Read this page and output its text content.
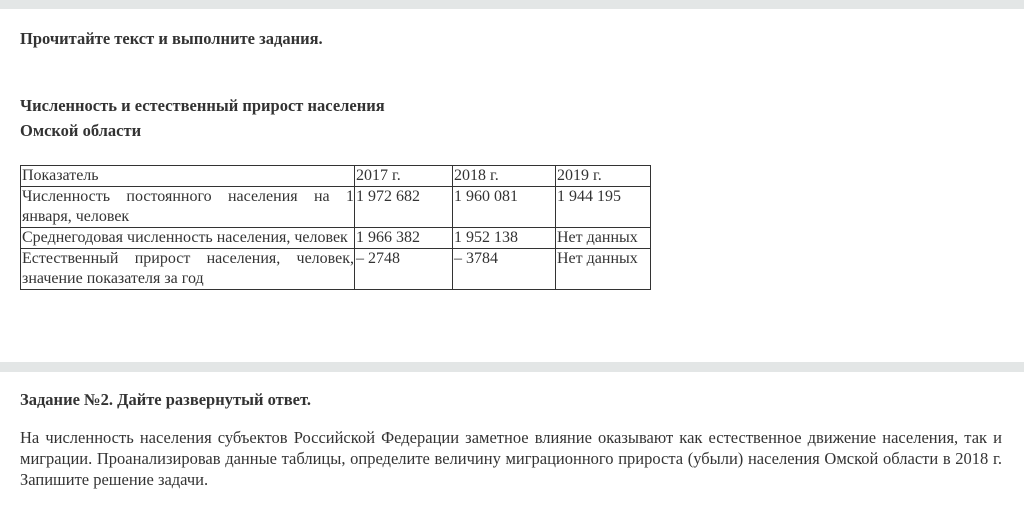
Прочитайте текст и выполните задания.
Численность и естественный прирост населения
Омской области
Показатель	2017 г.	2018 г.	2019 г.
Численность постоянного населения на 1 января, человек	1 972 682	1 960 081	1 944 195
Среднегодовая численность населения, человек	1 966 382	1 952 138	Нет данных
Естественный прирост населения, человек, значение показателя за год	– 2748	– 3784	Нет данных
Задание №2. Дайте развернутый ответ.
На численность населения субъектов Российской Федерации заметное влияние оказывают как естественное движение населения, так и миграции. Проанализировав данные таблицы, определите величину миграционного прироста (убыли) населения Омской области в 2018 г. Запишите решение задачи.
